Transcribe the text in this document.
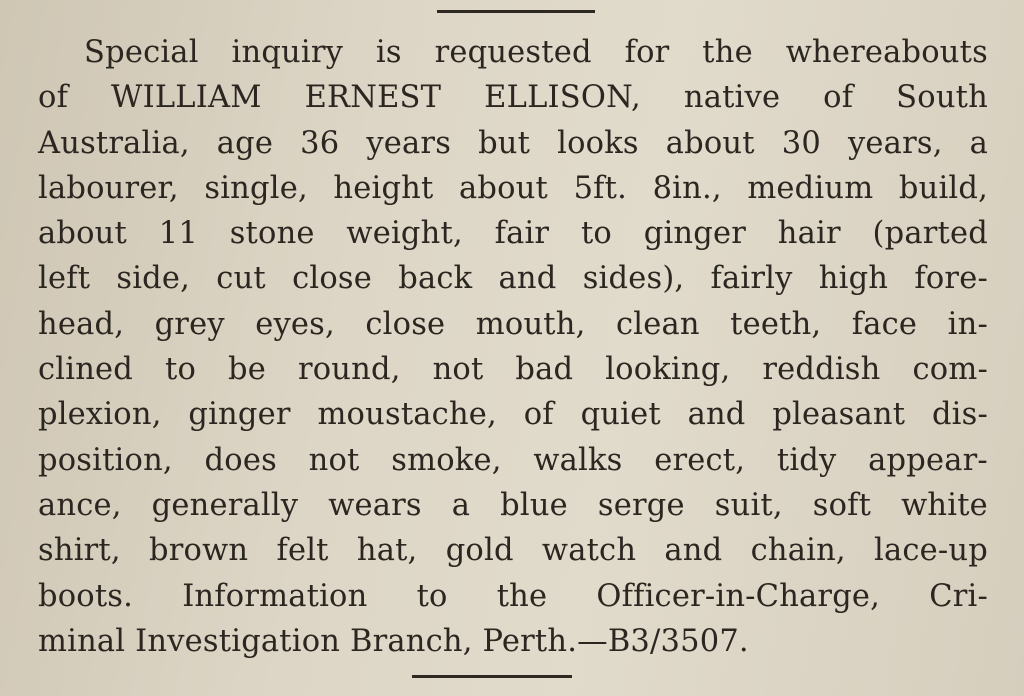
Special inquiry is requested for the whereabouts
of WILLIAM ERNEST ELLISON, native of South
Australia, age 36 years but looks about 30 years, a
labourer, single, height about 5ft. 8in., medium build,
about 11 stone weight, fair to ginger hair (parted
left side, cut close back and sides), fairly high fore-
head, grey eyes, close mouth, clean teeth, face in-
clined to be round, not bad looking, reddish com-
plexion, ginger moustache, of quiet and pleasant dis-
position, does not smoke, walks erect, tidy appear-
ance, generally wears a blue serge suit, soft white
shirt, brown felt hat, gold watch and chain, lace-up
boots. Information to the Officer-in-Charge, Cri-
minal Investigation Branch, Perth.—B3/3507.
